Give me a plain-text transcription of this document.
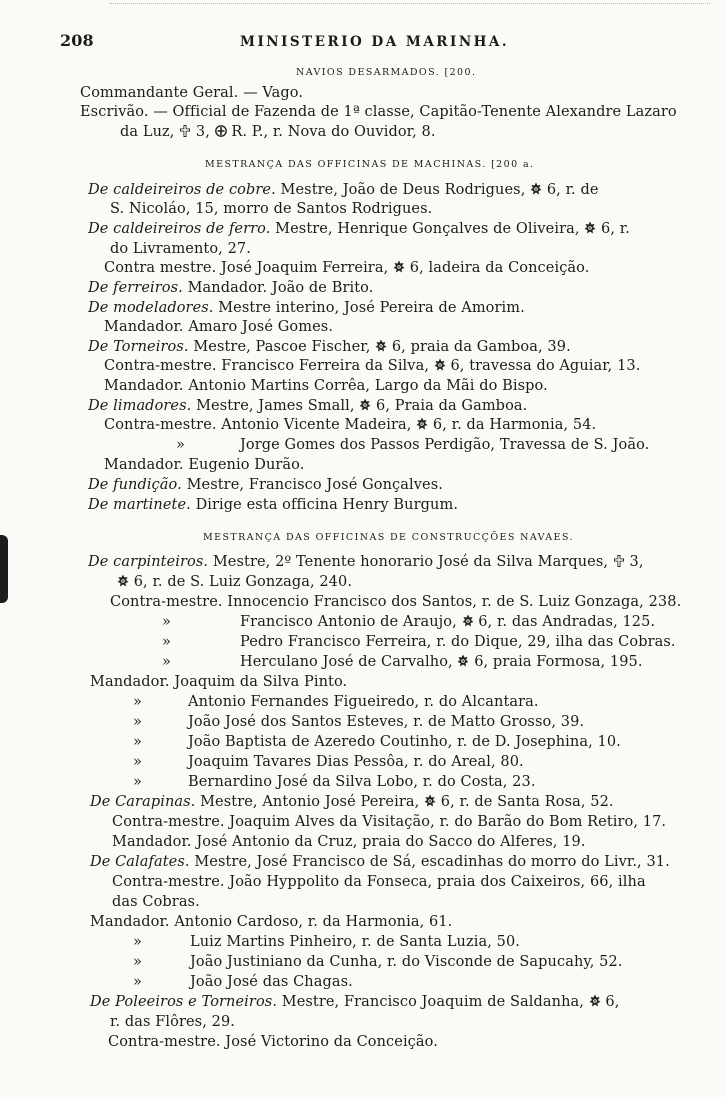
208	MINISTERIO DA MARINHA.
NAVIOS DESARMADOS. [200.
Commandante Geral. — Vago.
Escrivão. — Official de Fazenda de 1ª classe, Capitão-Tenente Alexandre Lazaro
da Luz, 3, R. P., r. Nova do Ouvidor, 8.
MESTRANÇA DAS OFFICINAS DE MACHINAS. [200 a.
De caldeireiros de cobre. Mestre, João de Deus Rodrigues, 6, r. de
S. Nicoláo, 15, morro de Santos Rodrigues.
De caldeireiros de ferro. Mestre, Henrique Gonçalves de Oliveira, 6, r.
do Livramento, 27.
Contra mestre. José Joaquim Ferreira, 6, ladeira da Conceição.
De ferreiros. Mandador. João de Brito.
De modeladores. Mestre interino, José Pereira de Amorim.
Mandador. Amaro José Gomes.
De Torneiros. Mestre, Pascoe Fischer, 6, praia da Gamboa, 39.
Contra-mestre. Francisco Ferreira da Silva, 6, travessa do Aguiar, 13.
Mandador. Antonio Martins Corrêa, Largo da Mãi do Bispo.
De limadores. Mestre, James Small, 6, Praia da Gamboa.
Contra-mestre. Antonio Vicente Madeira, 6, r. da Harmonia, 54.
»	Jorge Gomes dos Passos Perdigão, Travessa de S. João.
Mandador. Eugenio Durão.
De fundição. Mestre, Francisco José Gonçalves.
De martinete. Dirige esta officina Henry Burgum.
MESTRANÇA DAS OFFICINAS DE CONSTRUCÇÕES NAVAES.
De carpinteiros. Mestre, 2º Tenente honorario José da Silva Marques, 3,
6, r. de S. Luiz Gonzaga, 240.
Contra-mestre. Innocencio Francisco dos Santos, r. de S. Luiz Gonzaga, 238.
»	Francisco Antonio de Araujo, 6, r. das Andradas, 125.
»	Pedro Francisco Ferreira, r. do Dique, 29, ilha das Cobras.
»	Herculano José de Carvalho, 6, praia Formosa, 195.
Mandador. Joaquim da Silva Pinto.
»	Antonio Fernandes Figueiredo, r. do Alcantara.
»	João José dos Santos Esteves, r. de Matto Grosso, 39.
»	João Baptista de Azeredo Coutinho, r. de D. Josephina, 10.
»	Joaquim Tavares Dias Pessôa, r. do Areal, 80.
»	Bernardino José da Silva Lobo, r. do Costa, 23.
De Carapinas. Mestre, Antonio José Pereira, 6, r. de Santa Rosa, 52.
Contra-mestre. Joaquim Alves da Visitação, r. do Barão do Bom Retiro, 17.
Mandador. José Antonio da Cruz, praia do Sacco do Alferes, 19.
De Calafates. Mestre, José Francisco de Sá, escadinhas do morro do Livr., 31.
Contra-mestre. João Hyppolito da Fonseca, praia dos Caixeiros, 66, ilha
das Cobras.
Mandador. Antonio Cardoso, r. da Harmonia, 61.
»	Luiz Martins Pinheiro, r. de Santa Luzia, 50.
»	João Justiniano da Cunha, r. do Visconde de Sapucahy, 52.
»	João José das Chagas.
De Poleeiros e Torneiros. Mestre, Francisco Joaquim de Saldanha, 6,
r. das Flôres, 29.
Contra-mestre. José Victorino da Conceição.
